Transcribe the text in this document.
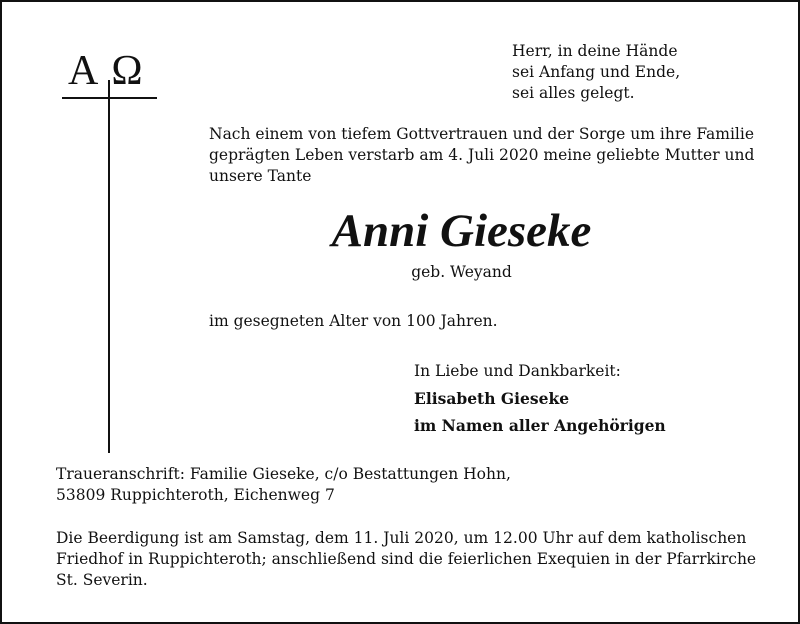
Α Ω	Herr, in deine Hände
sei Anfang und Ende,
sei alles gelegt.
Nach einem von tiefem Gottvertrauen und der Sorge um ihre Familie geprägten Leben verstarb am 4. Juli 2020 meine geliebte Mutter und unsere Tante
Anni Gieseke
geb. Weyand
im gesegneten Alter von 100 Jahren.
In Liebe und Dankbarkeit:
Elisabeth Gieseke
im Namen aller Angehörigen
Traueranschrift: Familie Gieseke, c/o Bestattungen Hohn,
53809 Ruppichteroth, Eichenweg 7
Die Beerdigung ist am Samstag, dem 11. Juli 2020, um 12.00 Uhr auf dem katholischen Friedhof in Ruppichteroth; anschließend sind die feierlichen Exequien in der Pfarrkirche St. Severin.
